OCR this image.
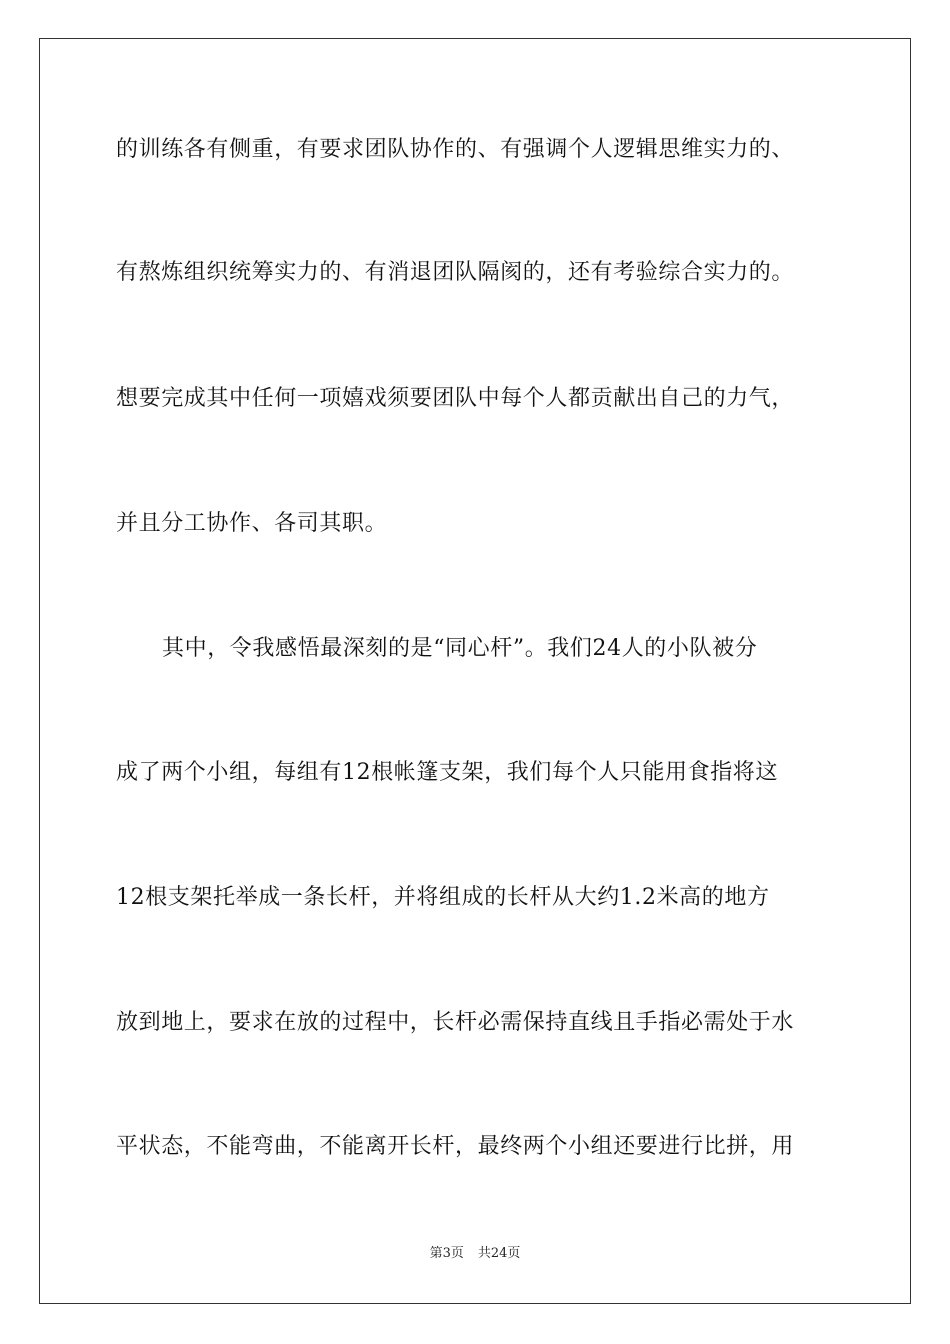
的训练各有侧重，有要求团队协作的、有强调个人逻辑思维实力的、
有熬炼组织统筹实力的、有消退团队隔阂的，还有考验综合实力的。
想要完成其中任何一项嬉戏须要团队中每个人都贡献出自己的力气，
并且分工协作、各司其职。
其中，令我感悟最深刻的是“同心杆”。我们24人的小队被分
成了两个小组，每组有12根帐篷支架，我们每个人只能用食指将这
12根支架托举成一条长杆，并将组成的长杆从大约1.2米高的地方
放到地上，要求在放的过程中，长杆必需保持直线且手指必需处于水
平状态，不能弯曲，不能离开长杆，最终两个小组还要进行比拼，用
第3页 共24页
